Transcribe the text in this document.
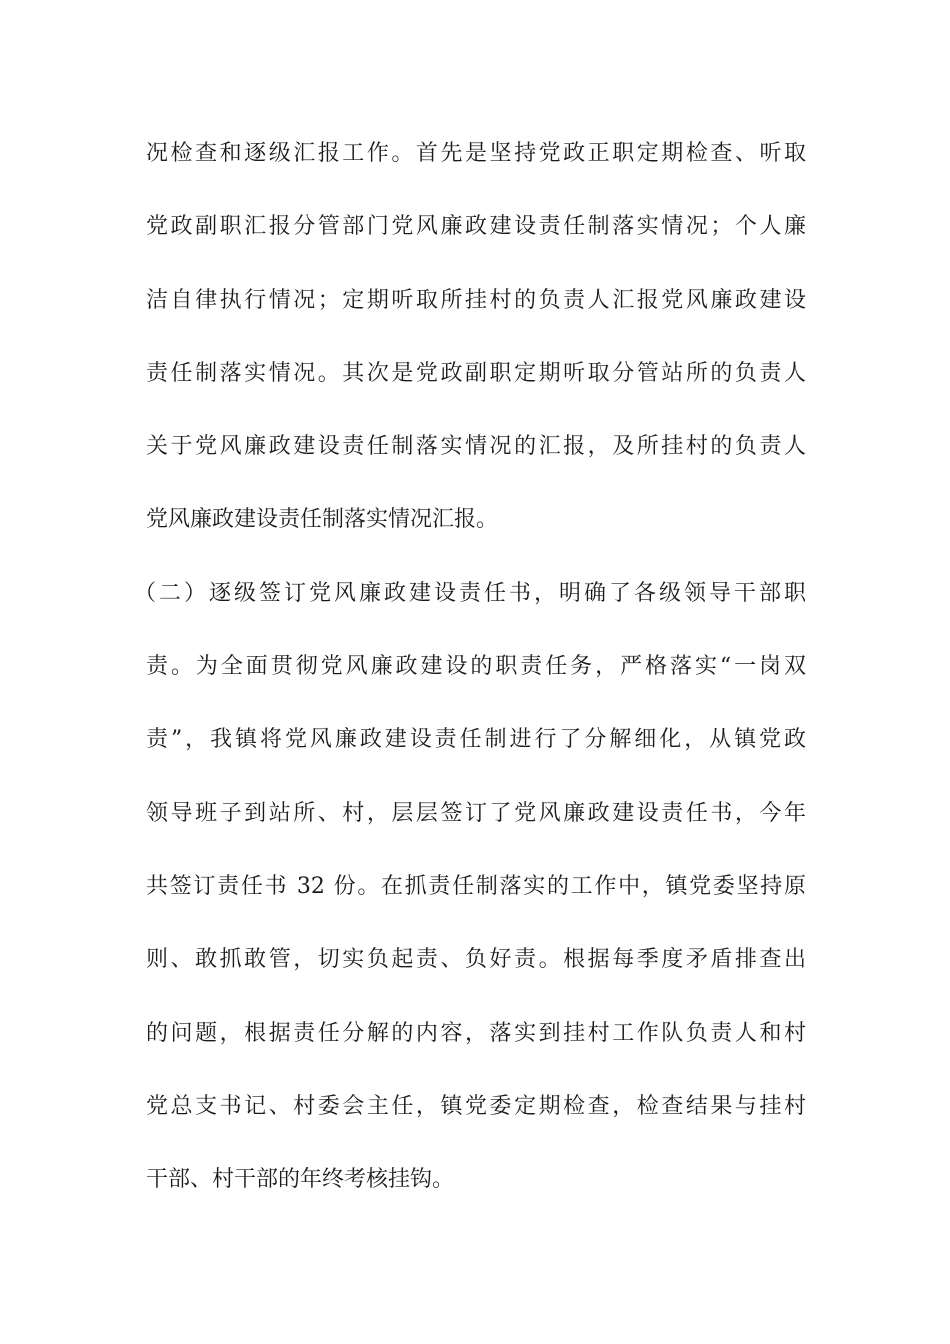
况检查和逐级汇报工作。首先是坚持党政正职定期检查、听取
党政副职汇报分管部门党风廉政建设责任制落实情况；个人廉
洁自律执行情况；定期听取所挂村的负责人汇报党风廉政建设
责任制落实情况。其次是党政副职定期听取分管站所的负责人
关于党风廉政建设责任制落实情况的汇报，及所挂村的负责人
党风廉政建设责任制落实情况汇报。
（二）逐级签订党风廉政建设责任书，明确了各级领导干部职
责。为全面贯彻党风廉政建设的职责任务，严格落实“一岗双
责”，我镇将党风廉政建设责任制进行了分解细化，从镇党政
领导班子到站所、村，层层签订了党风廉政建设责任书，今年
共签订责任书 32 份。在抓责任制落实的工作中，镇党委坚持原
则、敢抓敢管，切实负起责、负好责。根据每季度矛盾排查出
的问题，根据责任分解的内容，落实到挂村工作队负责人和村
党总支书记、村委会主任，镇党委定期检查，检查结果与挂村
干部、村干部的年终考核挂钩。
